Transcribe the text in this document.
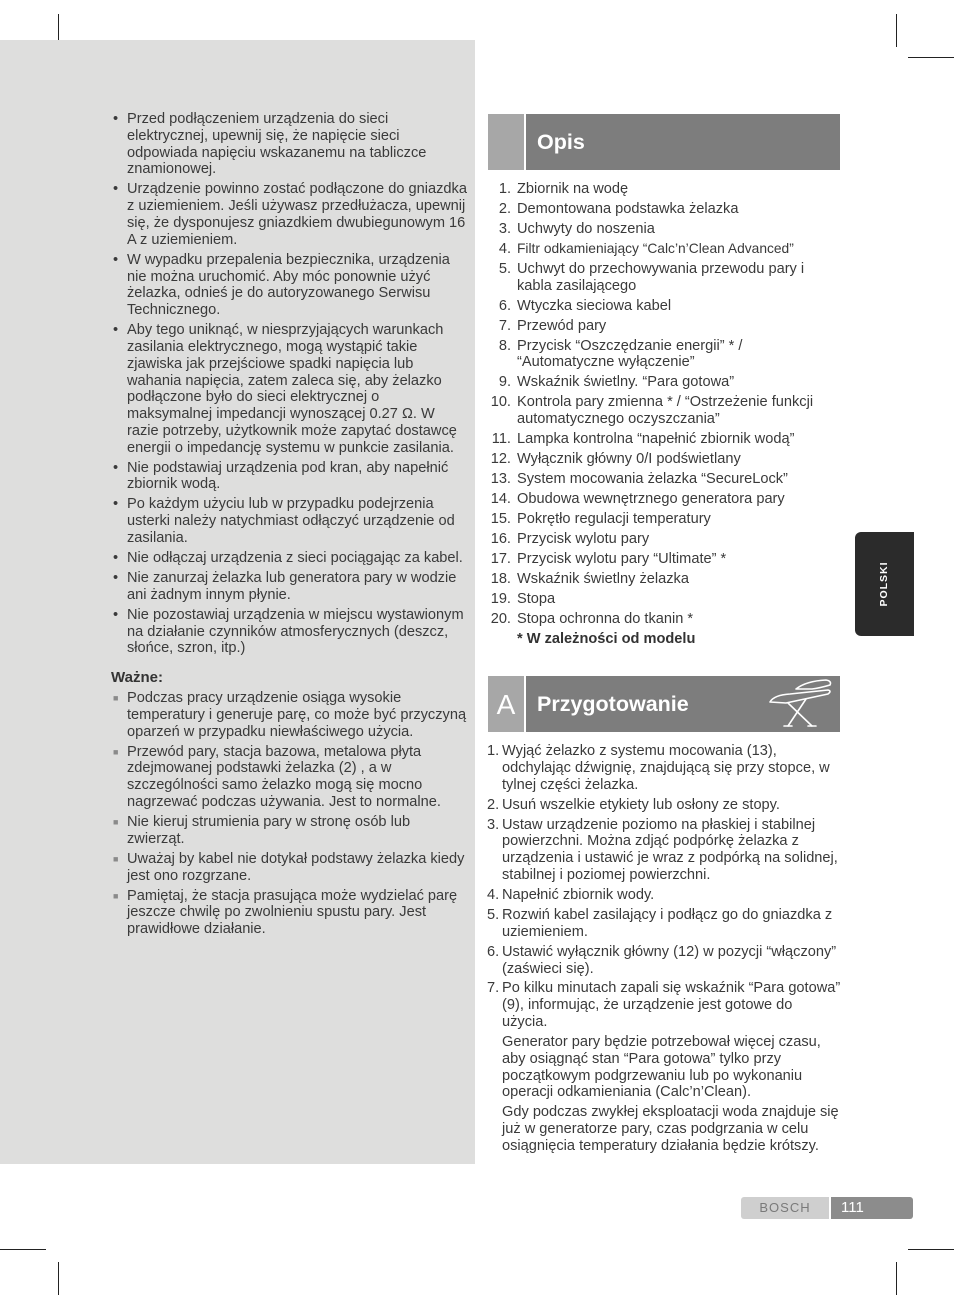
• Przed podłączeniem urządzenia do sieci elektrycznej, upewnij się, że napięcie sieci odpowiada napięciu wskazanemu na tabliczce znamionowej.
• Urządzenie powinno zostać podłączone do gniazdka z uziemieniem. Jeśli używasz przedłużacza, upewnij się, że dysponujesz gniazdkiem dwubiegunowym 16 A z uziemieniem.
• W wypadku przepalenia bezpiecznika, urządzenia nie można uruchomić. Aby móc ponownie użyć żelazka, odnieś je do autoryzowanego Serwisu Technicznego.
• Aby tego uniknąć, w niesprzyjających warunkach zasilania elektrycznego, mogą wystąpić takie zjawiska jak przejściowe spadki napięcia lub wahania napięcia, zatem zaleca się, aby żelazko podłączone było do sieci elektrycznej o maksymalnej impedancji wynoszącej 0.27 Ω. W razie potrzeby, użytkownik może zapytać dostawcę energii o impedancję systemu w punkcie zasilania.
• Nie podstawiaj urządzenia pod kran, aby napełnić zbiornik wodą.
• Po każdym użyciu lub w przypadku podejrzenia usterki należy natychmiast odłączyć urządzenie od zasilania.
• Nie odłączaj urządzenia z sieci pociągając za kabel.
• Nie zanurzaj żelazka lub generatora pary w wodzie ani żadnym innym płynie.
• Nie pozostawiaj urządzenia w miejscu wystawionym na działanie czynników atmosferycznych (deszcz, słońce, szron, itp.)
Ważne:
■ Podczas pracy urządzenie osiąga wysokie temperatury i generuje parę, co może być przyczyną oparzeń w przypadku niewłaściwego użycia.
■ Przewód pary, stacja bazowa, metalowa płyta zdejmowanej podstawki żelazka (2) , a w szczególności samo żelazko mogą się mocno nagrzewać podczas używania. Jest to normalne.
■ Nie kieruj strumienia pary w stronę osób lub zwierząt.
■ Uważaj by kabel nie dotykał podstawy żelazka kiedy jest ono rozgrzane.
■ Pamiętaj, że stacja prasująca może wydzielać parę jeszcze chwilę po zwolnieniu spustu pary. Jest prawidłowe działanie.
Opis
1. Zbiornik na wodę
2. Demontowana podstawka żelazka
3. Uchwyty do noszenia
4. Filtr odkamieniający “Calc’n’Clean Advanced”
5. Uchwyt do przechowywania przewodu pary i kabla zasilającego
6. Wtyczka sieciowa kabel
7. Przewód pary
8. Przycisk “Oszczędzanie energii” * / “Automatyczne wyłączenie”
9. Wskaźnik świetlny. “Para gotowa”
10. Kontrola pary zmienna * / “Ostrzeżenie funkcji automatycznego oczyszczania”
11. Lampka kontrolna “napełnić zbiornik wodą”
12. Wyłącznik główny 0/I podświetlany
13. System mocowania żelazka “SecureLock”
14. Obudowa wewnętrznego generatora pary
15. Pokrętło regulacji temperatury
16. Przycisk wylotu pary
17. Przycisk wylotu pary “Ultimate” *
18. Wskaźnik świetlny żelazka
19. Stopa
20. Stopa ochronna do tkanin *
* W zależności od modelu
A	Przygotowanie
1. Wyjąć żelazko z systemu mocowania (13), odchylając dźwignię, znajdującą się przy stopce, w tylnej części żelazka.
2. Usuń wszelkie etykiety lub osłony ze stopy.
3. Ustaw urządzenie poziomo na płaskiej i stabilnej powierzchni. Można zdjąć podpórkę żelazka z urządzenia i ustawić je wraz z podpórką na solidnej, stabilnej i poziomej powierzchni.
4. Napełnić zbiornik wody.
5. Rozwiń kabel zasilający i podłącz go do gniazdka z uziemieniem.
6. Ustawić wyłącznik główny (12) w pozycji “włączony” (zaświeci się).
7. Po kilku minutach zapali się wskaźnik “Para gotowa” (9), informując, że urządzenie jest gotowe do użycia.
Generator pary będzie potrzebował więcej czasu, aby osiągnąć stan “Para gotowa” tylko przy początkowym podgrzewaniu lub po wykonaniu operacji odkamieniania (Calc’n’Clean).
Gdy podczas zwykłej eksploatacji woda znajduje się już w generatorze pary, czas podgrzania w celu osiągnięcia temperatury działania będzie krótszy.
POLSKI
BOSCH	111
